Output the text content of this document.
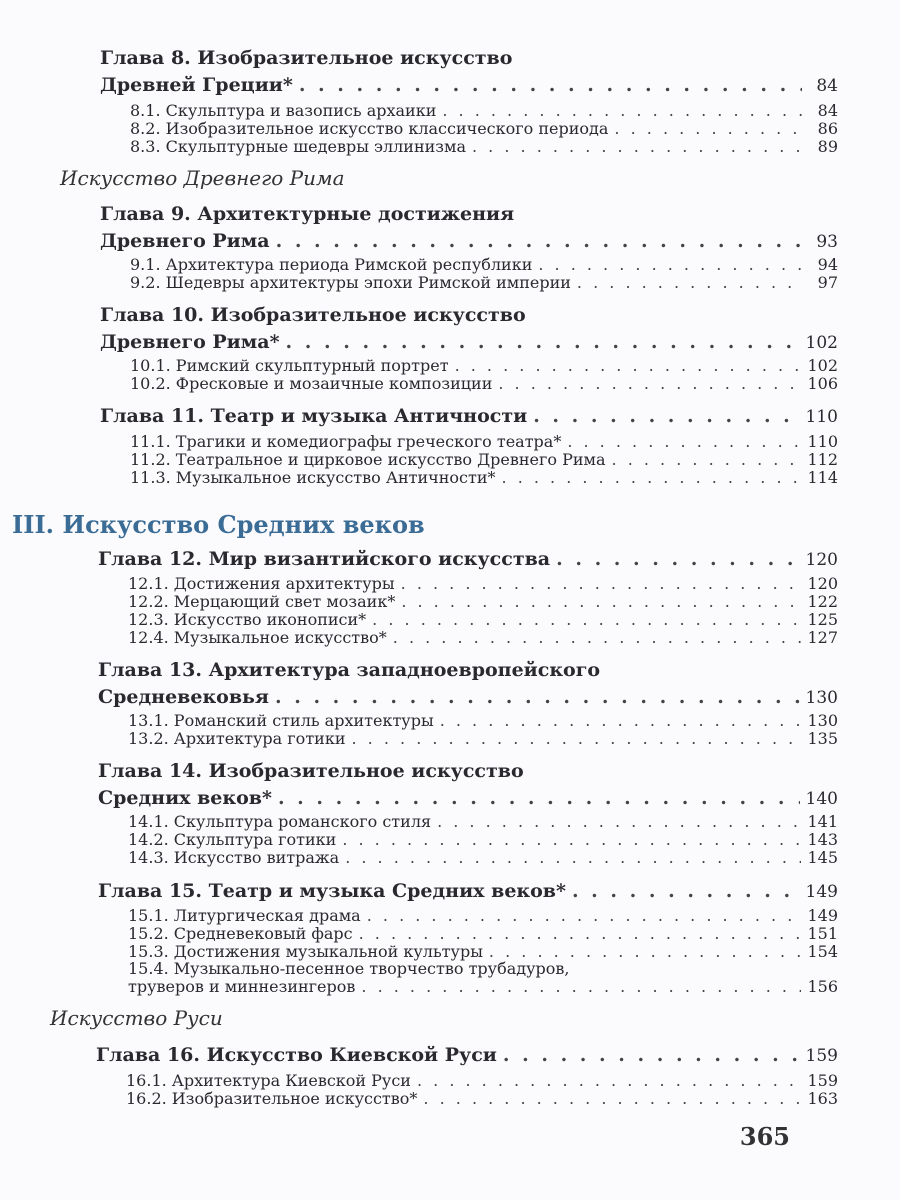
Глава 8. Изобразительное искусство
Древней Греции* . . .	84
8.1. Скульптура и вазопись архаики . . .	84
8.2. Изобразительное искусство классического периода . . .	86
8.3. Скульптурные шедевры эллинизма . . .	89
Искусство Древнего Рима
Глава 9. Архитектурные достижения
Древнего Рима . . .	93
9.1. Архитектура периода Римской республики . . .	94
9.2. Шедевры архитектуры эпохи Римской империи . . .	97
Глава 10. Изобразительное искусство
Древнего Рима* . . .	102
10.1. Римский скульптурный портрет . . .	102
10.2. Фресковые и мозаичные композиции . . .	106
Глава 11. Театр и музыка Античности . . .	110
11.1. Трагики и комедиографы греческого театра* . . .	110
11.2. Театральное и цирковое искусство Древнего Рима . . .	112
11.3. Музыкальное искусство Античности* . . .	114
III. Искусство Средних веков
Глава 12. Мир византийского искусства . . .	120
12.1. Достижения архитектуры . . .	120
12.2. Мерцающий свет мозаик* . . .	122
12.3. Искусство иконописи* . . .	125
12.4. Музыкальное искусство* . . .	127
Глава 13. Архитектура западноевропейского
Средневековья . . .	130
13.1. Романский стиль архитектуры . . .	130
13.2. Архитектура готики . . .	135
Глава 14. Изобразительное искусство
Средних веков* . . .	140
14.1. Скульптура романского стиля . . .	141
14.2. Скульптура готики . . .	143
14.3. Искусство витража . . .	145
Глава 15. Театр и музыка Средних веков* . . .	149
15.1. Литургическая драма . . .	149
15.2. Средневековый фарс . . .	151
15.3. Достижения музыкальной культуры . . .	154
15.4. Музыкально-песенное творчество трубадуров,
труверов и миннезингеров . . .	156
Искусство Руси
Глава 16. Искусство Киевской Руси . . .	159
16.1. Архитектура Киевской Руси . . .	159
16.2. Изобразительное искусство* . . .	163
365
